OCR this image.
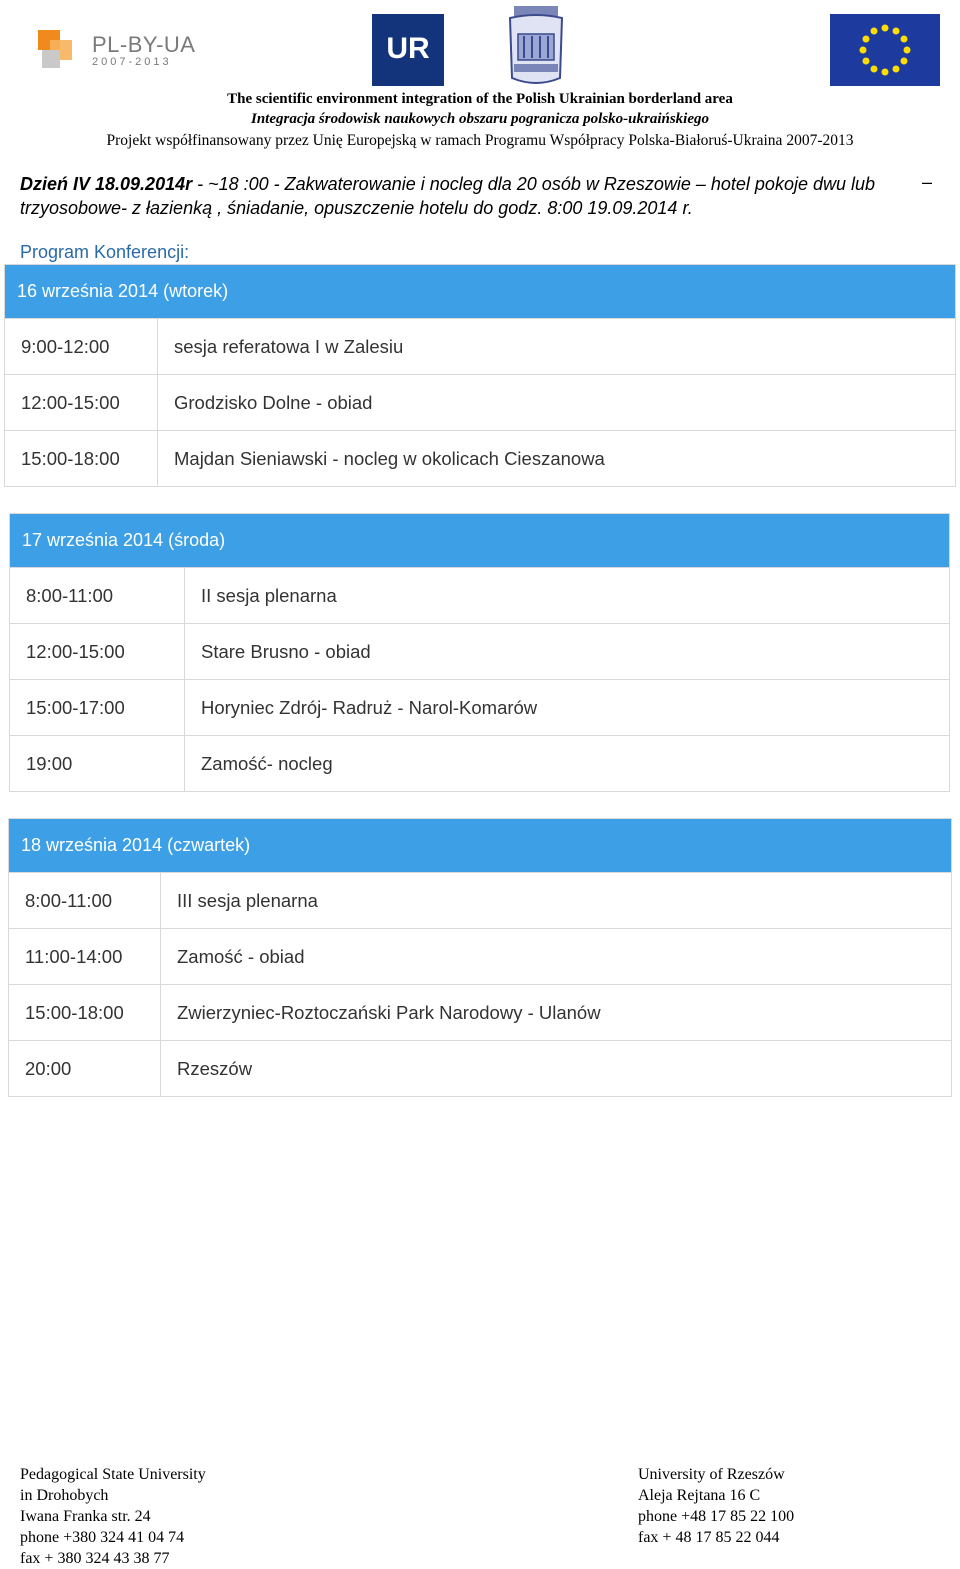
PL-BY-UA
2007-2013	UR
The scientific environment integration of the Polish Ukrainian borderland area
Integracja środowisk naukowych obszaru pogranicza polsko-ukraińskiego
Projekt współfinansowany przez Unię Europejską w ramach Programu Współpracy Polska-Białoruś-Ukraina 2007-2013
Dzień IV 18.09.2014r - ~18 :00 - Zakwaterowanie i nocleg dla 20 osób w Rzeszowie – hotel pokoje dwu lub trzyosobowe- z łazienką , śniadanie, opuszczenie hotelu do godz. 8:00 19.09.2014 r.
–
Program Konferencji:
16 września 2014 (wtorek)	
9:00-12:00	sesja referatowa I w Zalesiu
12:00-15:00	Grodzisko Dolne - obiad
15:00-18:00	Majdan Sieniawski - nocleg w okolicach Cieszanowa
17 września 2014 (środa)	
8:00-11:00	II sesja plenarna
12:00-15:00	Stare Brusno - obiad
15:00-17:00	Horyniec Zdrój- Radruż - Narol-Komarów
19:00	Zamość- nocleg
18 września 2014 (czwartek)	
8:00-11:00	III sesja plenarna
11:00-14:00	Zamość - obiad
15:00-18:00	Zwierzyniec-Roztoczański Park Narodowy - Ulanów
20:00	Rzeszów
Pedagogical State University
in Drohobych
Iwana Franka str. 24
phone +380 324 41 04 74
fax + 380 324 43 38 77
University of Rzeszów
Aleja Rejtana 16 C
phone +48 17 85 22 100
fax + 48 17 85 22 044
